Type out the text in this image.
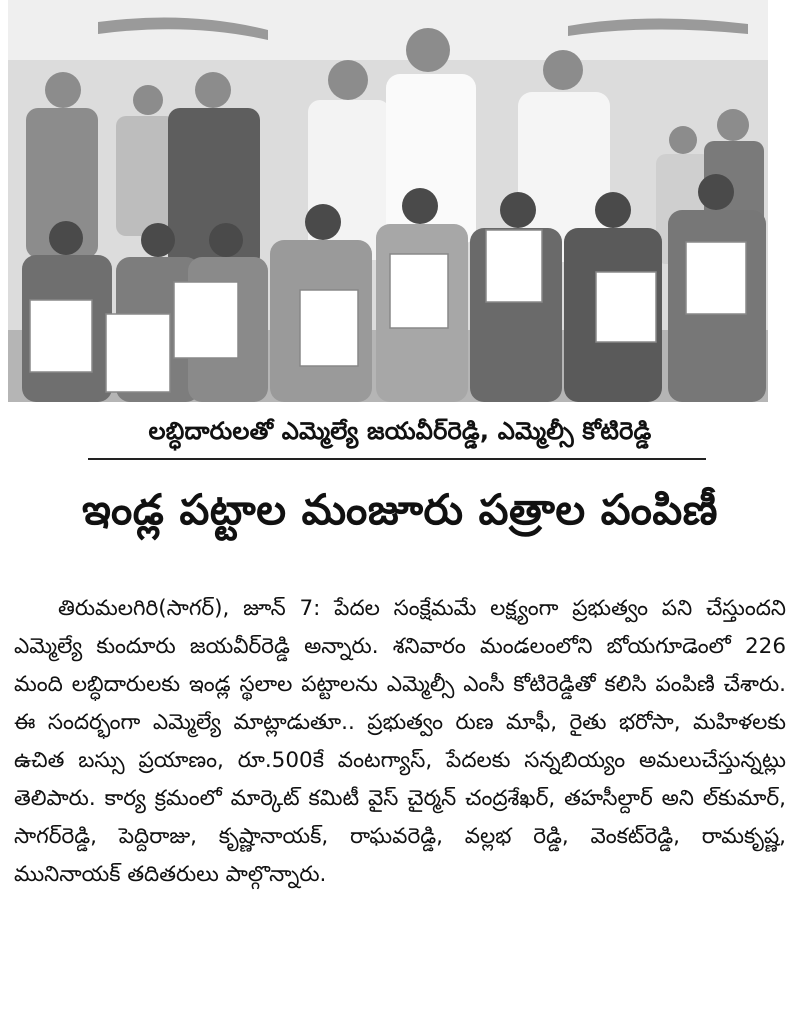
లబ్ధిదారులతో ఎమ్మెల్యే జయవీర్‌రెడ్డి, ఎమ్మెల్సీ కోటిరెడ్డి
ఇండ్ల పట్టాల మంజూరు పత్రాల పంపిణీ
తిరుమలగిరి(సాగర్), జూన్ 7: పేదల సంక్షేమమే లక్ష్యంగా ప్రభుత్వం పని చేస్తుందని ఎమ్మెల్యే కుందూరు జయవీర్‌రెడ్డి అన్నారు. శనివారం మండలంలోని బోయగూడెంలో 226 మంది లబ్ధిదారులకు ఇండ్ల స్థలాల పట్టాలను ఎమ్మెల్సీ ఎంసీ కోటిరెడ్డితో కలిసి పంపిణి చేశారు. ఈ సందర్భంగా ఎమ్మెల్యే మాట్లాడుతూ.. ప్రభుత్వం రుణ మాఫీ, రైతు భరోసా, మహిళలకు ఉచిత బస్సు ప్రయాణం, రూ.500కే వంటగ్యాస్, పేదలకు సన్నబియ్యం అమలుచేస్తున్నట్లు తెలిపారు. కార్య క్రమంలో మార్కెట్ కమిటీ వైస్ చైర్మన్ చంద్రశేఖర్, తహసీల్దార్ అని ల్‌కుమార్, సాగర్‌రెడ్డి, పెద్దిరాజు, కృష్ణానాయక్, రాఘవరెడ్డి, వల్లభ రెడ్డి, వెంకట్‌రెడ్డి, రామకృష్ణ, మునినాయక్ తదితరులు పాల్గొన్నారు.
